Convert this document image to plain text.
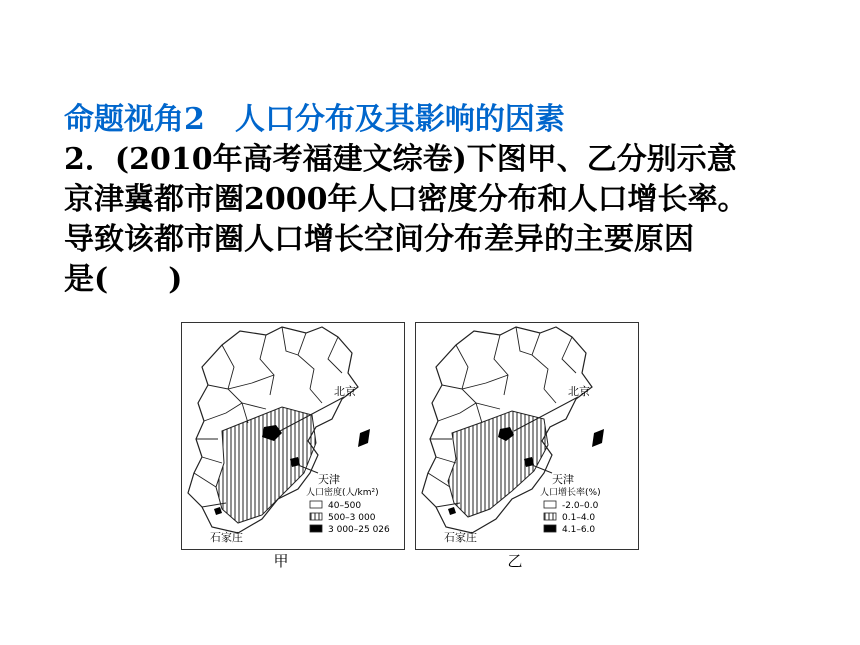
命题视角2 人口分布及其影响的因素
2．(2010年高考福建文综卷)下图甲、乙分别示意
京津冀都市圈2000年人口密度分布和人口增长率。
导致该都市圈人口增长空间分布差异的主要原因
是(　　)
北京
天津
石家庄
人口密度(人/km²)
40–500
500–3 000
3 000–25 026
甲
北京
天津
石家庄
人口增长率(%)
-2.0–0.0
0.1–4.0
4.1–6.0
乙
